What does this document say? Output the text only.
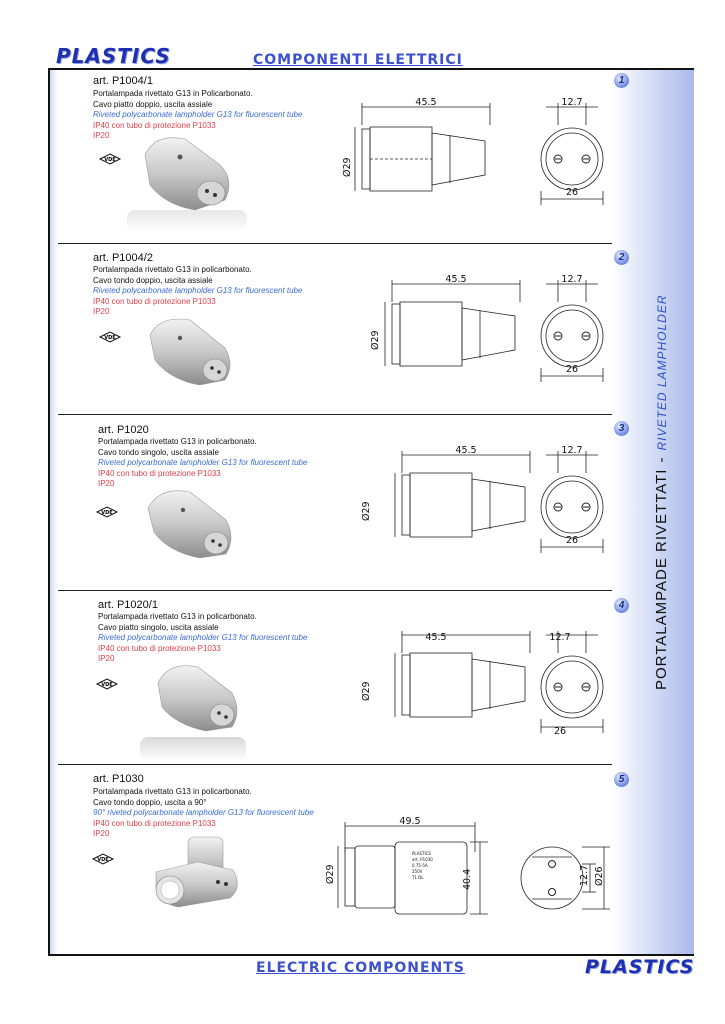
PLASTICS	COMPONENTI ELETTRICI
PORTALAMPADE RIVETTATI-RIVETED LAMPHOLDER
ELECTRIC COMPONENTS	PLASTICS
art. P1004/1
Portalampada rivettato G13 in Policarbonato.
Cavo piatto doppio, uscita assiale
Riveted polycarbonate lampholder G13 for fluorescent tube
IP40 con tubo di protezione P1033
IP20
1
art. P1004/2
Portalampada rivettato G13 in policarbonato.
Cavo tondo doppio, uscita assiale
Riveted polycarbonate lampholder G13 for fluorescent tube
IP40 con tubo di protezione P1033
IP20
2
art. P1020
Portalampada rivettato G13 in policarbonato.
Cavo tondo singolo, uscita assiale
Riveted polycarbonate lampholder G13 for fluorescent tube
IP40 con tubo di protezione P1033
IP20
3
art. P1020/1
Portalampada rivettato G13 in policarbonato.
Cavo piatto singolo, uscita assiale
Riveted polycarbonate lampholder G13 for fluorescent tube
IP40 con tubo di protezione P1033
IP20
4
art. P1030
Portalampada rivettato G13 in policarbonato.
Cavo tondo doppio, uscita a 90°
90° riveted polycarbonate lampholder G13 for fluorescent tube
IP40 con tubo di protezione P1033
IP20
5
VDE
VDE
VDE
VDE
VDE
45.5	12.7
26
Ø29
45.5	12.7
26
Ø29
45.5	12.7
26
Ø29
45.5	12.7
26
Ø29
49.5
Ø29	40.4	12.7 Ø26
PLASTICS
art. P1030
0.75-5A
250V
T1 DL
